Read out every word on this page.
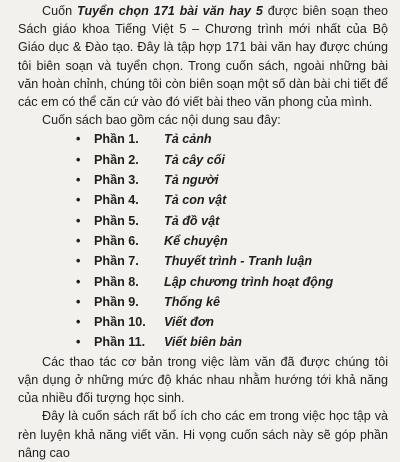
Cuốn Tuyển chọn 171 bài văn hay 5 được biên soạn theo Sách giáo khoa Tiếng Việt 5 – Chương trình mới nhất của Bộ Giáo dục & Đào tạo. Đây là tập hợp 171 bài văn hay được chúng tôi biên soạn và tuyển chọn. Trong cuốn sách, ngoài những bài văn hoàn chỉnh, chúng tôi còn biên soạn một số dàn bài chi tiết để các em có thể căn cứ vào đó viết bài theo văn phong của mình.

Cuốn sách bao gồm các nội dung sau đây:

•	Phần 1.	Tả cảnh
•	Phần 2.	Tả cây cối
•	Phần 3.	Tả người
•	Phần 4.	Tả con vật
•	Phần 5.	Tả đồ vật
•	Phần 6.	Kể chuyện
•	Phần 7.	Thuyết trình - Tranh luận
•	Phần 8.	Lập chương trình hoạt động
•	Phần 9.	Thống kê
•	Phần 10.	Viết đơn
•	Phần 11.	Viết biên bản

Các thao tác cơ bản trong việc làm văn đã được chúng tôi vận dụng ở những mức độ khác nhau nhằm hướng tới khả năng của nhiều đối tượng học sinh.

Đây là cuốn sách rất bổ ích cho các em trong việc học tập và rèn luyện khả năng viết văn. Hi vọng cuốn sách này sẽ góp phần nâng cao
